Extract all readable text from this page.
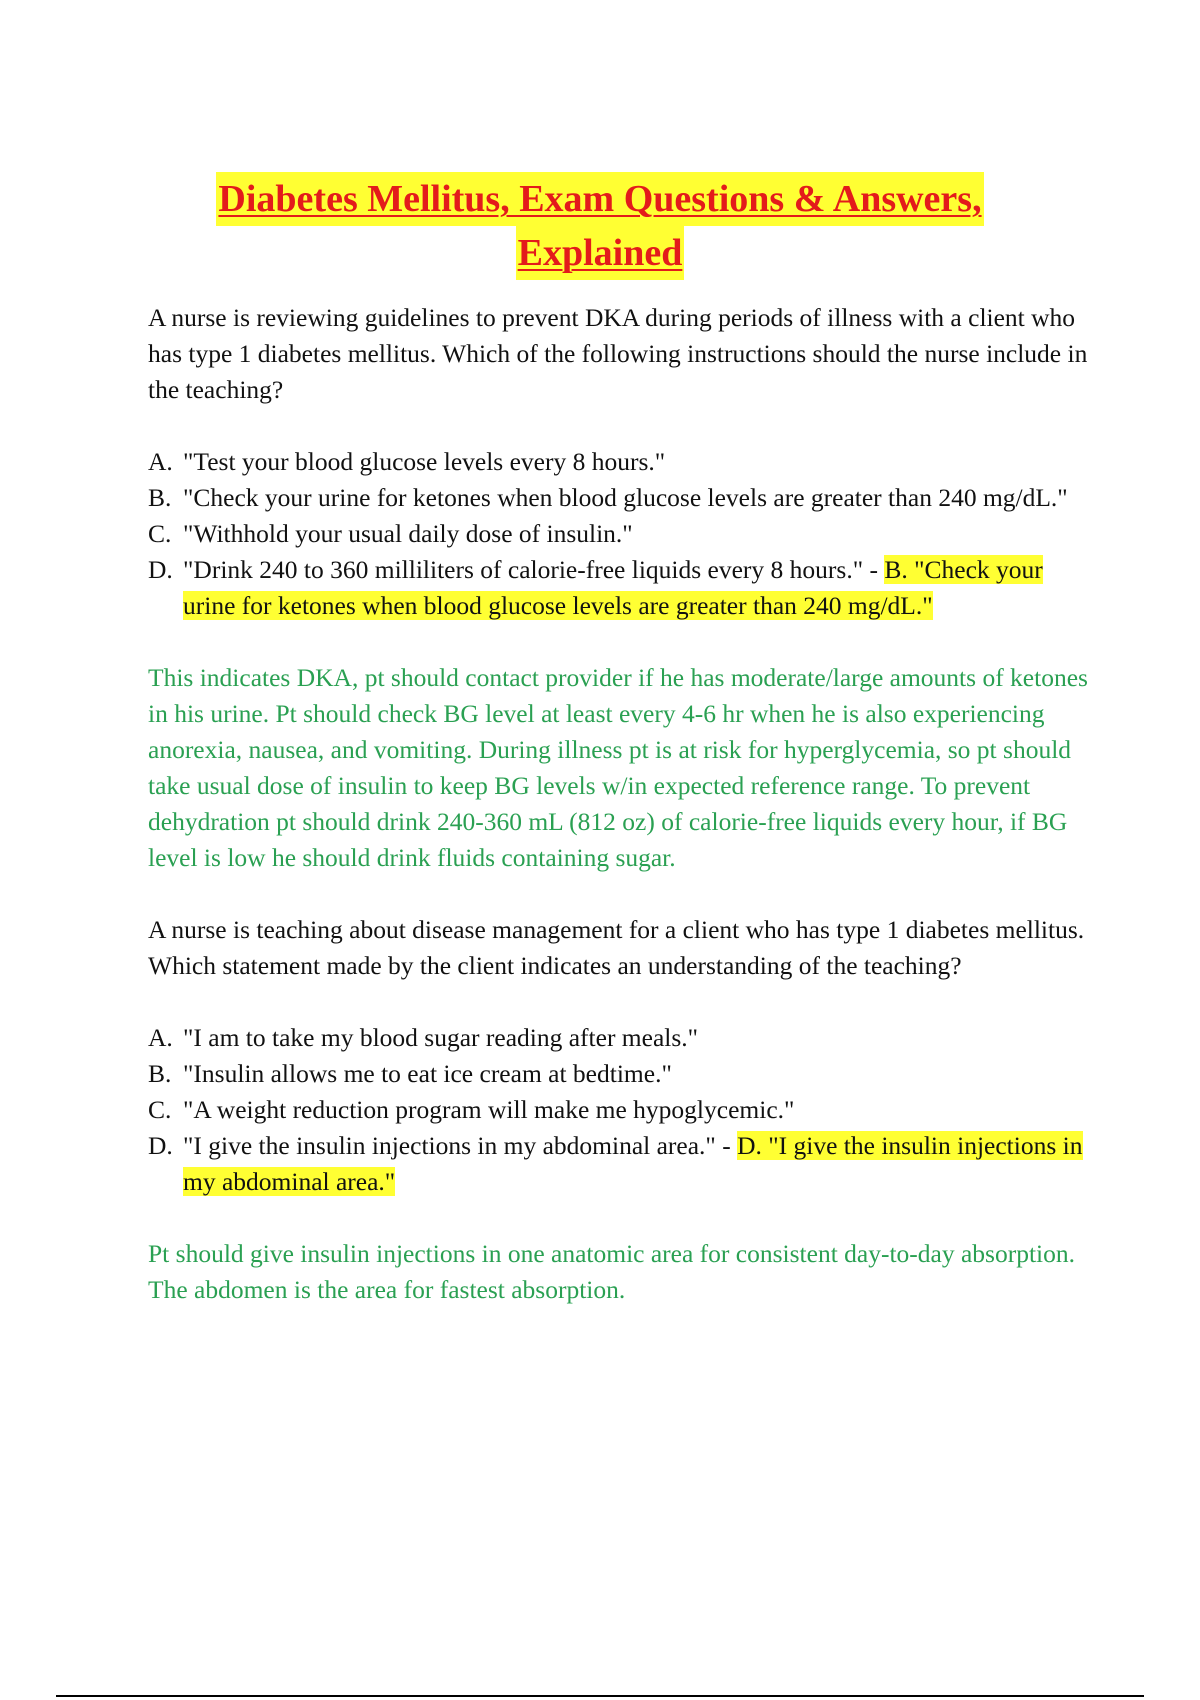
Diabetes Mellitus, Exam Questions & Answers,
Explained

A nurse is reviewing guidelines to prevent DKA during periods of illness with a client who has type 1 diabetes mellitus. Which of the following instructions should the nurse include in the teaching?

A. "Test your blood glucose levels every 8 hours."
B. "Check your urine for ketones when blood glucose levels are greater than 240 mg/dL."
C. "Withhold your usual daily dose of insulin."
D. "Drink 240 to 360 milliliters of calorie-free liquids every 8 hours." - B. "Check your urine for ketones when blood glucose levels are greater than 240 mg/dL."

This indicates DKA, pt should contact provider if he has moderate/large amounts of ketones in his urine. Pt should check BG level at least every 4-6 hr when he is also experiencing anorexia, nausea, and vomiting. During illness pt is at risk for hyperglycemia, so pt should take usual dose of insulin to keep BG levels w/in expected reference range. To prevent dehydration pt should drink 240-360 mL (812 oz) of calorie-free liquids every hour, if BG level is low he should drink fluids containing sugar.

A nurse is teaching about disease management for a client who has type 1 diabetes mellitus. Which statement made by the client indicates an understanding of the teaching?

A. "I am to take my blood sugar reading after meals."
B. "Insulin allows me to eat ice cream at bedtime."
C. "A weight reduction program will make me hypoglycemic."
D. "I give the insulin injections in my abdominal area." - D. "I give the insulin injections in my abdominal area."

Pt should give insulin injections in one anatomic area for consistent day-to-day absorption. The abdomen is the area for fastest absorption.
